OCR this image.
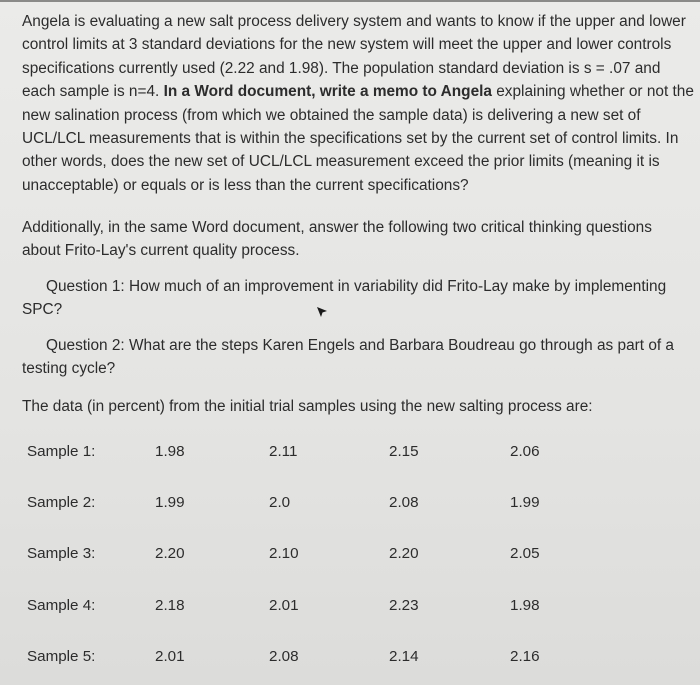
Angela is evaluating a new salt process delivery system and wants to know if the upper and lower control limits at 3 standard deviations for the new system will meet the upper and lower controls specifications currently used (2.22 and 1.98). The population standard deviation is s = .07 and each sample is n=4. In a Word document, write a memo to Angela explaining whether or not the new salination process (from which we obtained the sample data) is delivering a new set of UCL/LCL measurements that is within the specifications set by the current set of control limits. In other words, does the new set of UCL/LCL measurement exceed the prior limits (meaning it is unacceptable) or equals or is less than the current specifications?

Additionally, in the same Word document, answer the following two critical thinking questions about Frito-Lay's current quality process.

Question 1: How much of an improvement in variability did Frito-Lay make by implementing SPC?

Question 2: What are the steps Karen Engels and Barbara Boudreau go through as part of a testing cycle?

The data (in percent) from the initial trial samples using the new salting process are:

Sample 1:	1.98	2.11	2.15	2.06
Sample 2:	1.99	2.0	2.08	1.99
Sample 3:	2.20	2.10	2.20	2.05
Sample 4:	2.18	2.01	2.23	1.98
Sample 5:	2.01	2.08	2.14	2.16
